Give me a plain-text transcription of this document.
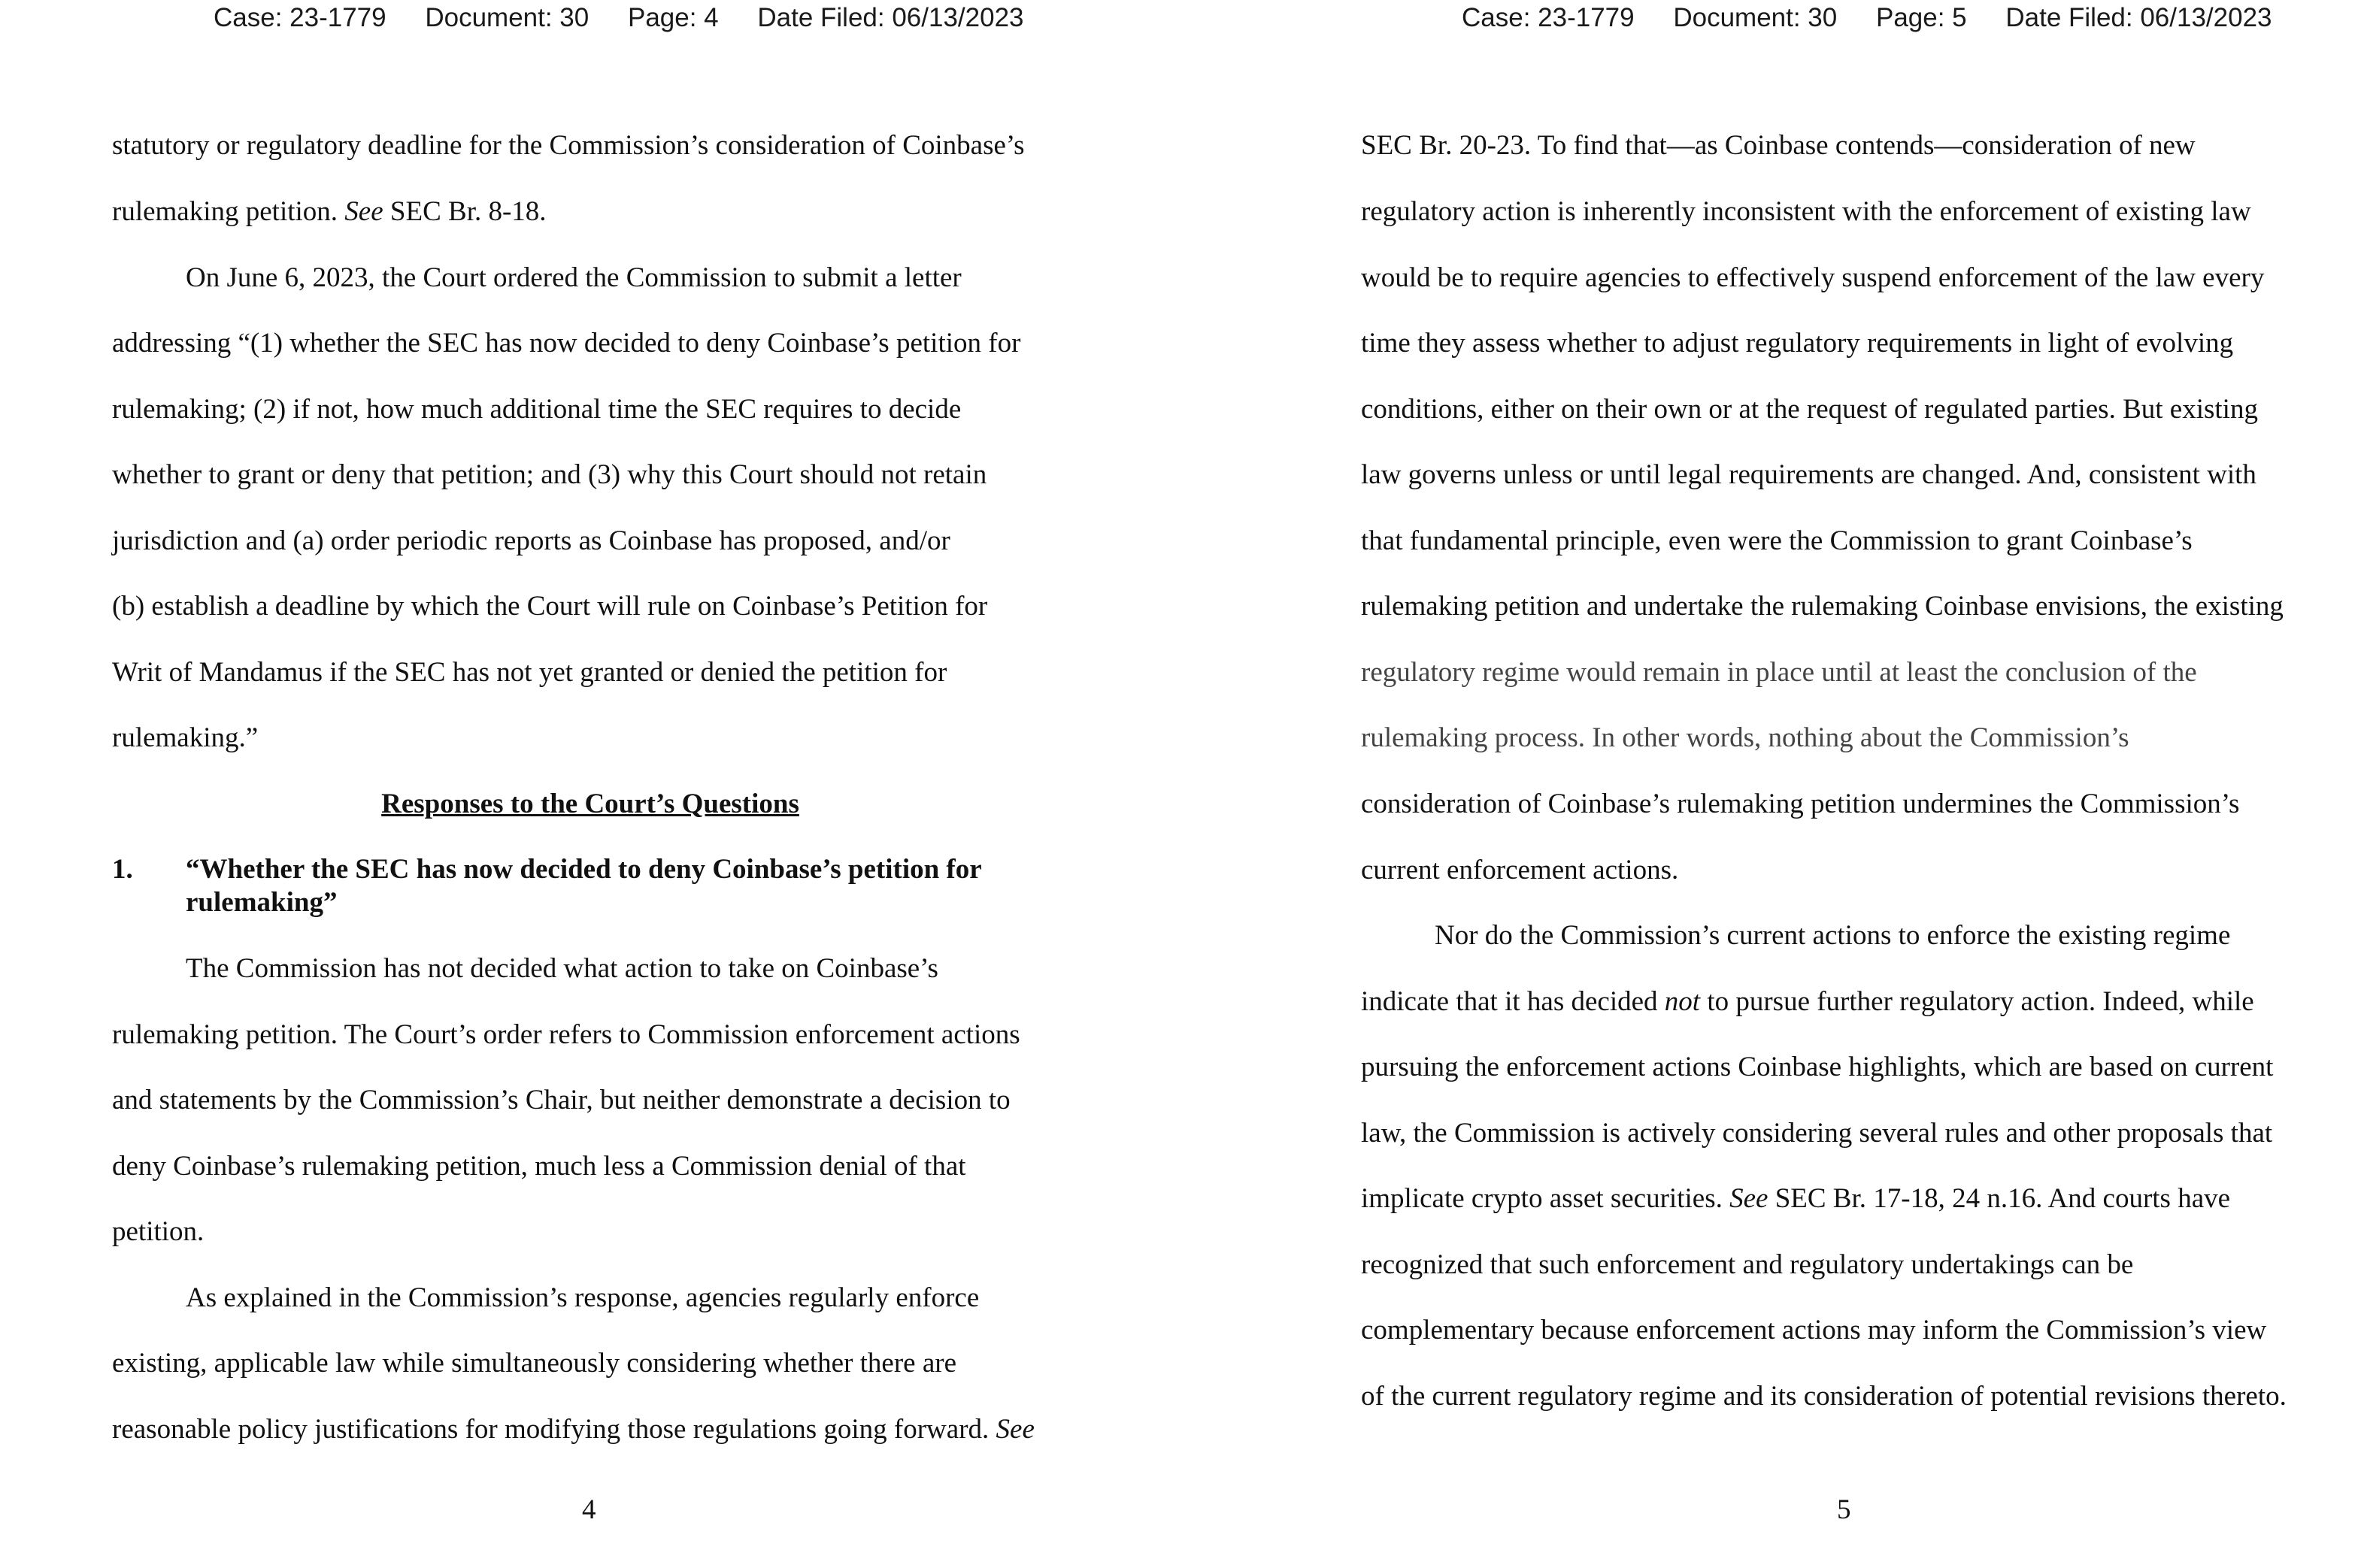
Case: 23-1779 Document: 30 Page: 4 Date Filed: 06/13/2023
statutory or regulatory deadline for the Commission’s consideration of Coinbase’s
rulemaking petition. See SEC Br. 8-18.
On June 6, 2023, the Court ordered the Commission to submit a letter
addressing “(1) whether the SEC has now decided to deny Coinbase’s petition for
rulemaking; (2) if not, how much additional time the SEC requires to decide
whether to grant or deny that petition; and (3) why this Court should not retain
jurisdiction and (a) order periodic reports as Coinbase has proposed, and/or
(b) establish a deadline by which the Court will rule on Coinbase’s Petition for
Writ of Mandamus if the SEC has not yet granted or denied the petition for
rulemaking.”
Responses to the Court’s Questions
1. “Whether the SEC has now decided to deny Coinbase’s petition for
rulemaking”
The Commission has not decided what action to take on Coinbase’s
rulemaking petition. The Court’s order refers to Commission enforcement actions
and statements by the Commission’s Chair, but neither demonstrate a decision to
deny Coinbase’s rulemaking petition, much less a Commission denial of that
petition.
As explained in the Commission’s response, agencies regularly enforce
existing, applicable law while simultaneously considering whether there are
reasonable policy justifications for modifying those regulations going forward. See
4
Case: 23-1779 Document: 30 Page: 5 Date Filed: 06/13/2023
SEC Br. 20-23. To find that—as Coinbase contends—consideration of new
regulatory action is inherently inconsistent with the enforcement of existing law
would be to require agencies to effectively suspend enforcement of the law every
time they assess whether to adjust regulatory requirements in light of evolving
conditions, either on their own or at the request of regulated parties. But existing
law governs unless or until legal requirements are changed. And, consistent with
that fundamental principle, even were the Commission to grant Coinbase’s
rulemaking petition and undertake the rulemaking Coinbase envisions, the existing
regulatory regime would remain in place until at least the conclusion of the
rulemaking process. In other words, nothing about the Commission’s
consideration of Coinbase’s rulemaking petition undermines the Commission’s
current enforcement actions.
Nor do the Commission’s current actions to enforce the existing regime
indicate that it has decided not to pursue further regulatory action. Indeed, while
pursuing the enforcement actions Coinbase highlights, which are based on current
law, the Commission is actively considering several rules and other proposals that
implicate crypto asset securities. See SEC Br. 17-18, 24 n.16. And courts have
recognized that such enforcement and regulatory undertakings can be
complementary because enforcement actions may inform the Commission’s view
of the current regulatory regime and its consideration of potential revisions thereto.
5
